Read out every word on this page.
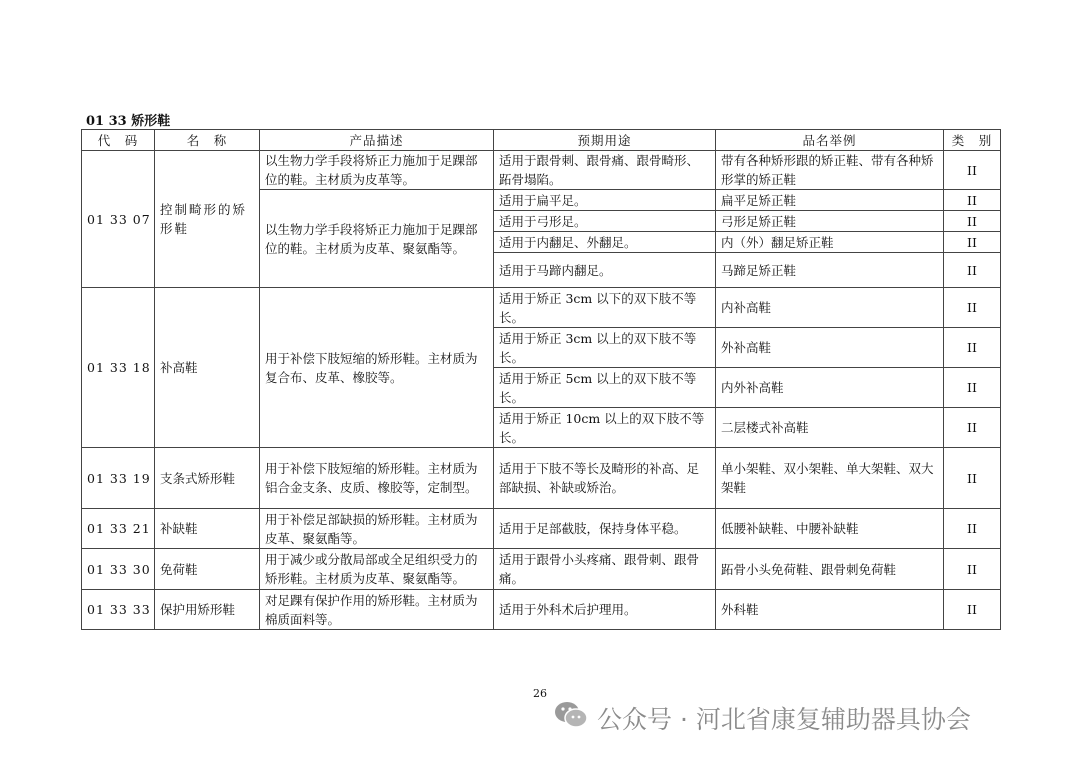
01 33 矫形鞋
代　码	名　称	产品描述	预期用途	品名举例	类　别
01 33 07	控制畸形的矫形鞋	以生物力学手段将矫正力施加于足踝部位的鞋。主材质为皮革等。	适用于跟骨刺、跟骨痛、跟骨畸形、跖骨塌陷。	带有各种矫形跟的矫正鞋、带有各种矫形掌的矫正鞋	II
		以生物力学手段将矫正力施加于足踝部位的鞋。主材质为皮革、聚氨酯等。	适用于扁平足。	扁平足矫正鞋	II
			适用于弓形足。	弓形足矫正鞋	II
			适用于内翻足、外翻足。	内（外）翻足矫正鞋	II
			适用于马蹄内翻足。	马蹄足矫正鞋	II
01 33 18	补高鞋	用于补偿下肢短缩的矫形鞋。主材质为复合布、皮革、橡胶等。	适用于矫正 3cm 以下的双下肢不等长。	内补高鞋	II
			适用于矫正 3cm 以上的双下肢不等长。	外补高鞋	II
			适用于矫正 5cm 以上的双下肢不等长。	内外补高鞋	II
			适用于矫正 10cm 以上的双下肢不等长。	二层楼式补高鞋	II
01 33 19	支条式矫形鞋	用于补偿下肢短缩的矫形鞋。主材质为铝合金支条、皮质、橡胶等，定制型。	适用于下肢不等长及畸形的补高、足部缺损、补缺或矫治。	单小架鞋、双小架鞋、单大架鞋、双大架鞋	II
01 33 21	补缺鞋	用于补偿足部缺损的矫形鞋。主材质为皮革、聚氨酯等。	适用于足部截肢，保持身体平稳。	低腰补缺鞋、中腰补缺鞋	II
01 33 30	免荷鞋	用于减少或分散局部或全足组织受力的矫形鞋。主材质为皮革、聚氨酯等。	适用于跟骨小头疼痛、跟骨刺、跟骨痛。	跖骨小头免荷鞋、跟骨刺免荷鞋	II
01 33 33	保护用矫形鞋	对足踝有保护作用的矫形鞋。主材质为棉质面料等。	适用于外科术后护理用。	外科鞋	II
26
公众号 · 河北省康复辅助器具协会
